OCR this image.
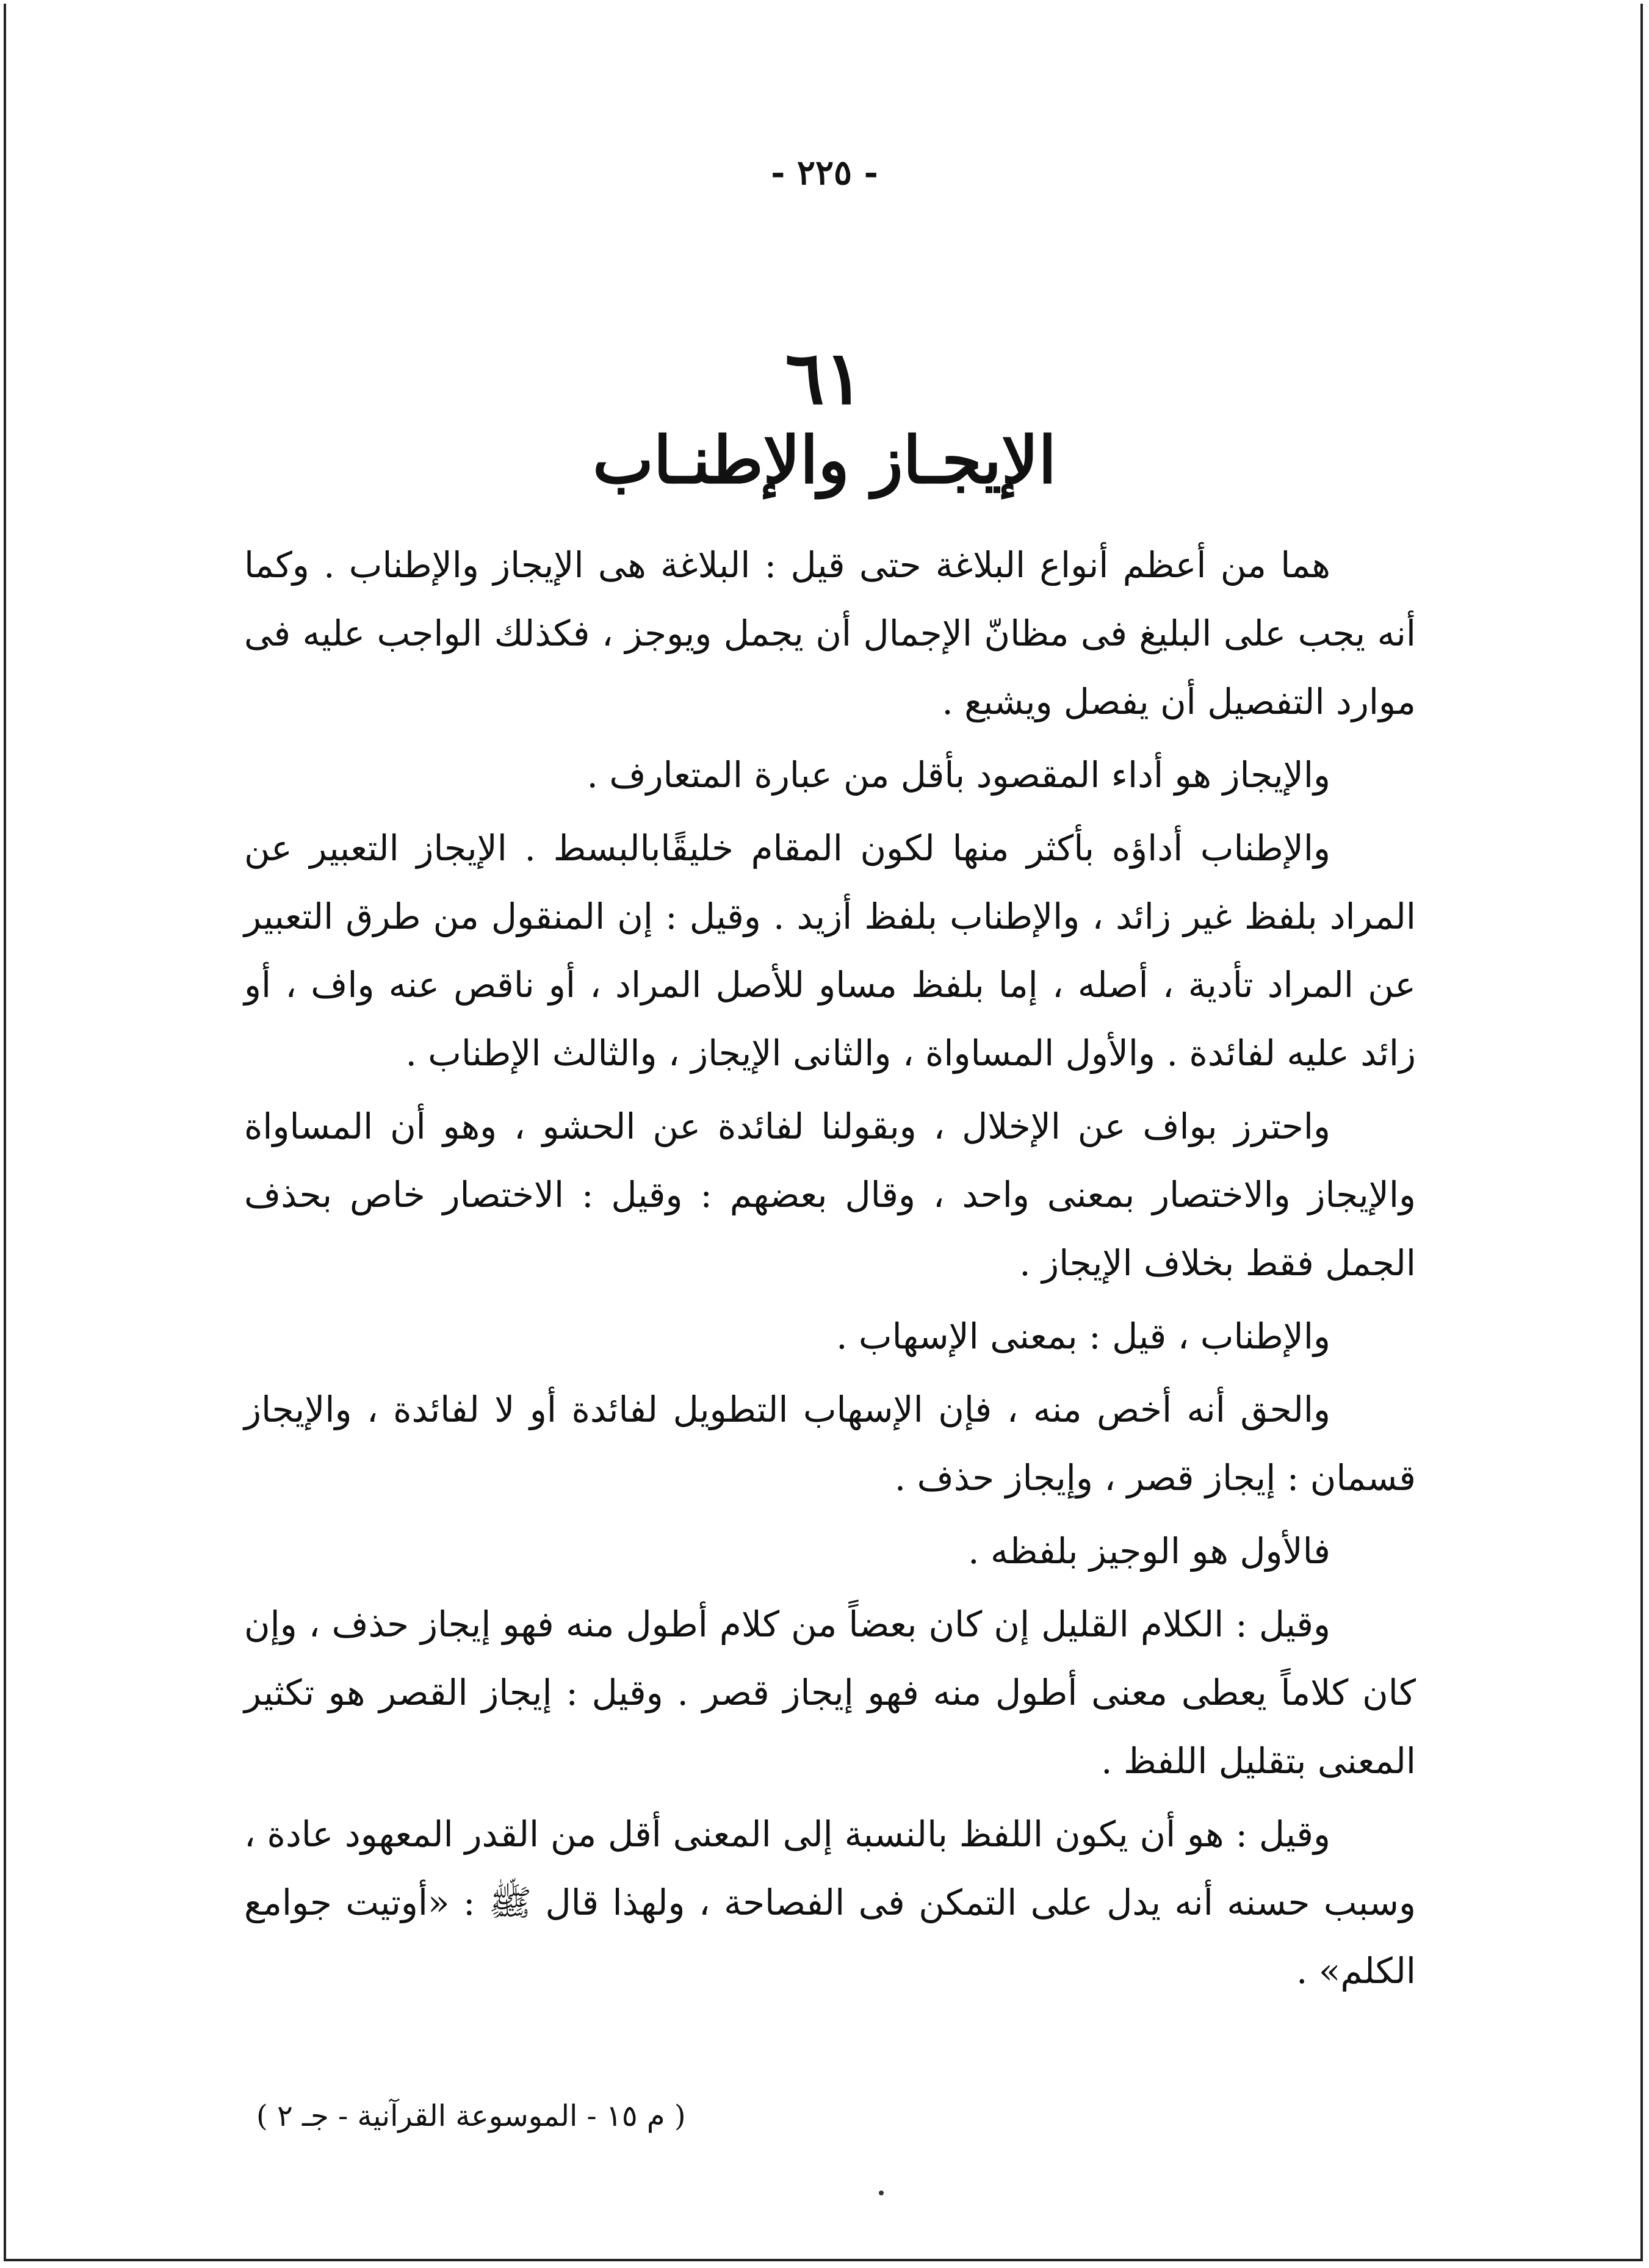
- ٢٢٥ -
٦١
الإيجـاز والإطنـاب

هما من أعظم أنواع البلاغة حتى قيل : البلاغة هى الإيجاز والإطناب . وكما أنه يجب على البليغ فى مظانّ الإجمال أن يجمل ويوجز ، فكذلك الواجب عليه فى موارد التفصيل أن يفصل ويشبع .

والإيجاز هو أداء المقصود بأقل من عبارة المتعارف .

والإطناب أداؤه بأكثر منها لكون المقام خليقًابالبسط . الإيجاز التعبير عن المراد بلفظ غير زائد ، والإطناب بلفظ أزيد . وقيل : إن المنقول من طرق التعبير عن المراد تأدية ، أصله ، إما بلفظ مساو للأصل المراد ، أو ناقص عنه واف ، أو زائد عليه لفائدة . والأول المساواة ، والثانى الإيجاز ، والثالث الإطناب .

واحترز بواف عن الإخلال ، وبقولنا لفائدة عن الحشو ، وهو أن المساواة والإيجاز والاختصار بمعنى واحد ، وقال بعضهم : وقيل : الاختصار خاص بحذف الجمل فقط بخلاف الإيجاز .

والإطناب ، قيل : بمعنى الإسهاب .

والحق أنه أخص منه ، فإن الإسهاب التطويل لفائدة أو لا لفائدة ، والإيجاز قسمان : إيجاز قصر ، وإيجاز حذف .

فالأول هو الوجيز بلفظه .

وقيل : الكلام القليل إن كان بعضاً من كلام أطول منه فهو إيجاز حذف ، وإن كان كلاماً يعطى معنى أطول منه فهو إيجاز قصر . وقيل : إيجاز القصر هو تكثير المعنى بتقليل اللفظ .

وقيل : هو أن يكون اللفظ بالنسبة إلى المعنى أقل من القدر المعهود عادة ، وسبب حسنه أنه يدل على التمكن فى الفصاحة ، ولهذا قال ﷺ : «أوتيت جوامع الكلم» .

( م ١٥ - الموسوعة القرآنية - جـ ٢ )
